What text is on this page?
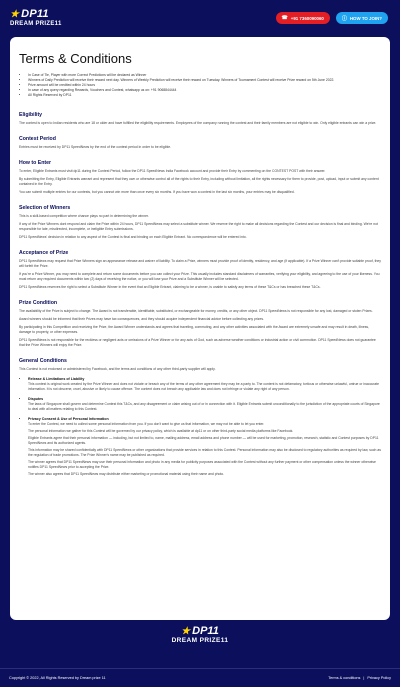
★ DP11
DREAM PRIZE11
☎ +91 7360090060	ⓘ HOW TO JOIN?
Terms & Conditions
• In Case of Tie, Player with more Correct Predictions will be declared as Winner
• Winners of Daily Prediction will receive their reward next day. Winners of Weekly Prediction will receive their reward on Tuesday. Winners of Tournament Contest will receive Prize reward on 5th June 2022.
• Prize amount will be credited within 24 hours
• In case of any query regarding Rewards, Vouchers and Contest, whatsapp us on: +91 9068844444
• All Rights Reserved by DP11
Eligibility

The contest is open to Indian residents who are 18 or older and have fulfilled the eligibility requirements. Employees of the company running the contest and their family members are not eligible to win. Only eligible entrants can win a prize.

Contest Period

Entries must be received by DP11 SpeedNews by the end of the contest period in order to be eligible.

How to Enter

To enter, Eligible Entrants must visit dp11 during the Contest Period, follow the DP11 SpeedNews India Facebook account and provide their Entry by commenting on the CONTEST POST with their answer.

By submitting the Entry, Eligible Entrants warrant and represent that they own or otherwise control all of the rights to their Entry, including without limitation, all the rights necessary for them to provide, post, upload, input or submit any content contained in the Entry.

You can submit multiple entries for our contests, but you cannot win more than once every six months. If you have won a contest in the last six months, your entries may be disqualified.

Selection of Winners

This is a skill-based competition where chance plays no part in determining the winner.

If any of the Prize Winners dont respond and claim the Prize within 24 hours, DP11 SpeedNews may select a substitute winner. We reserve the right to make all decisions regarding the Contest and our decision is final and binding. We're not responsible for late, misdirected, incomplete, or ineligible Entry submissions.

DP11 SpeedNews' decision in relation to any aspect of the Contest is final and binding on each Eligible Entrant. No correspondence will be entered into.

Acceptance of Prize

DP11 SpeedNews may request that Prize Winners sign an appearance release and waiver of liability. To claim a Prize, winners must provide proof of identity, residency, and age (if applicable). If a Prize Winner can't provide suitable proof, they will forfeit the Prize.

If you're a Prize Winner, you may need to complete and return some documents before you can collect your Prize. This usually includes standard disclaimers of warranties, verifying your eligibility, and agreeing to the use of your likeness. You must return any required documents within two (2) days of receiving the notice, or you will lose your Prize and a Substitute Winner will be selected.

DP11 SpeedNews reserves the right to select a Substitute Winner in the event that an Eligible Entrant, claiming to be a winner, is unable to satisfy any terms of these T&Cs or has breached these T&Cs.

Prize Condition

The availability of the Prize is subject to change. The Award is not transferable, identifiable, substituted, or exchangeable for money, credits, or any other object. DP11 SpeedNews is not responsible for any lost, damaged or stolen Prizes.

Award winners should be informed that their Prizes may have tax consequences, and they should acquire independent financial advice before collecting any prizes.

By participating in this Competition and receiving the Prize, the Award Winner understands and agrees that traveling, commuting, and any other activities associated with the Award are extremely unsafe and may result in death, illness, damage to property, or other expenses.

DP11 SpeedNews is not responsible for the reckless or negligent acts or omissions of a Prize Winner or for any acts of God, such as adverse weather conditions or industrial action or civil commotion. DP11 SpeedNews does not guarantee that the Prize Winners will enjoy the Prize.

General Conditions

This Contest is not endorsed or administered by Facebook, and the terms and conditions of any other third-party supplier will apply.

• Release & Limitations of Liability

This contest is original work created by the Prize Winner and does not violate or breach any of the terms of any other agreement they may be a party to. The content is not defamatory, tortious or otherwise unlawful, untrue or inaccurate information. It is not obscene, cruel, abusive or likely to cause offence. The content does not breach any applicable law and does not infringe or violate any right of any person.

• Disputes

The laws of Singapore shall govern and determine Contest this T&Cs, and any disagreement or claim arising out of or in connection with it. Eligible Entrants submit unconditionally to the jurisdiction of the appropriate courts of Singapore to deal with all matters relating to this Contest.

• Privacy Consent & Use of Personal Information

To enter the Contest, we need to collect some personal information from you. If you don't want to give us that information, we may not be able to let you enter.

The personal information we gather for this Contest will be governed by our privacy policy, which is available at dp11 or on other third-party social media platforms like Facebook.

Eligible Entrants agree that their personal information — including, but not limited to, name, mailing address, email address and phone number — will be used for marketing, promotion, research, statistic and Contest purposes by DP11 SpeedNews and its authorized agents.

This information may be shared confidentially with DP11 SpeedNews or other organizations that provide services in relation to this Contest. Personal information may also be disclosed to regulatory authorities as required by law, such as the regulation of trade promotions. The Prize Winner's name may be published as required.

The winner agrees that DP11 SpeedNews may use their personal information and photo in any media for publicity purposes associated with the Contest without any further payment or other compensation unless the winner otherwise notifies DP11 SpeedNews prior to accepting the Prize.

The winner also agrees that DP11 SpeedNews may distribute either marketing or promotional material using their name and photo.

★ DP11
DREAM PRIZE11
Copyright © 2022, All Rights Reserved by Dream prize 11	Terms & conditions | Privacy Policy
